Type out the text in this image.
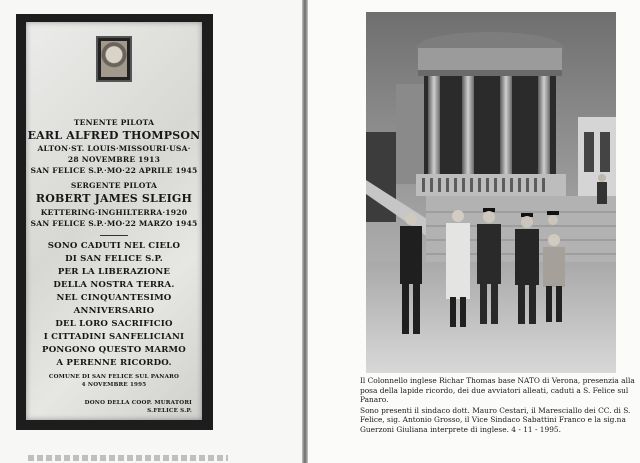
TENENTE PILOTA
EARL ALFRED THOMPSON
ALTON·ST. LOUIS·MISSOURI·USA·
28 NOVEMBRE 1913
SAN FELICE S.P.·MO·22 APRILE 1945
SERGENTE PILOTA
ROBERT JAMES SLEIGH
KETTERING·INGHILTERRA·1920
SAN FELICE S.P.·MO·22 MARZO 1945
SONO CADUTI NEL CIELO
DI SAN FELICE S.P.
PER LA LIBERAZIONE
DELLA NOSTRA TERRA.
NEL CINQUANTESIMO
ANNIVERSARIO
DEL LORO SACRIFICIO
I CITTADINI SANFELICIANI
PONGONO QUESTO MARMO
A PERENNE RICORDO.
COMUNE DI SAN FELICE SUL PANARO
4 NOVEMBRE 1995
DONO DELLA COOP. MURATORI
S.FELICE S.P.

Il Colonnello inglese Richar Thomas base NATO di Verona, presenzia alla posa della lapide ricordo, dei due avviatori alleati, caduti a S. Felice sul Panaro.

Sono presenti il sindaco dott. Mauro Cestari, il Maresciallo dei CC. di S. Felice, sig. Antonio Grosso, il Vice Sindaco Sabattini Franco e la sig.na Guerzoni Giuliana interprete di inglese. 4 - 11 - 1995.
